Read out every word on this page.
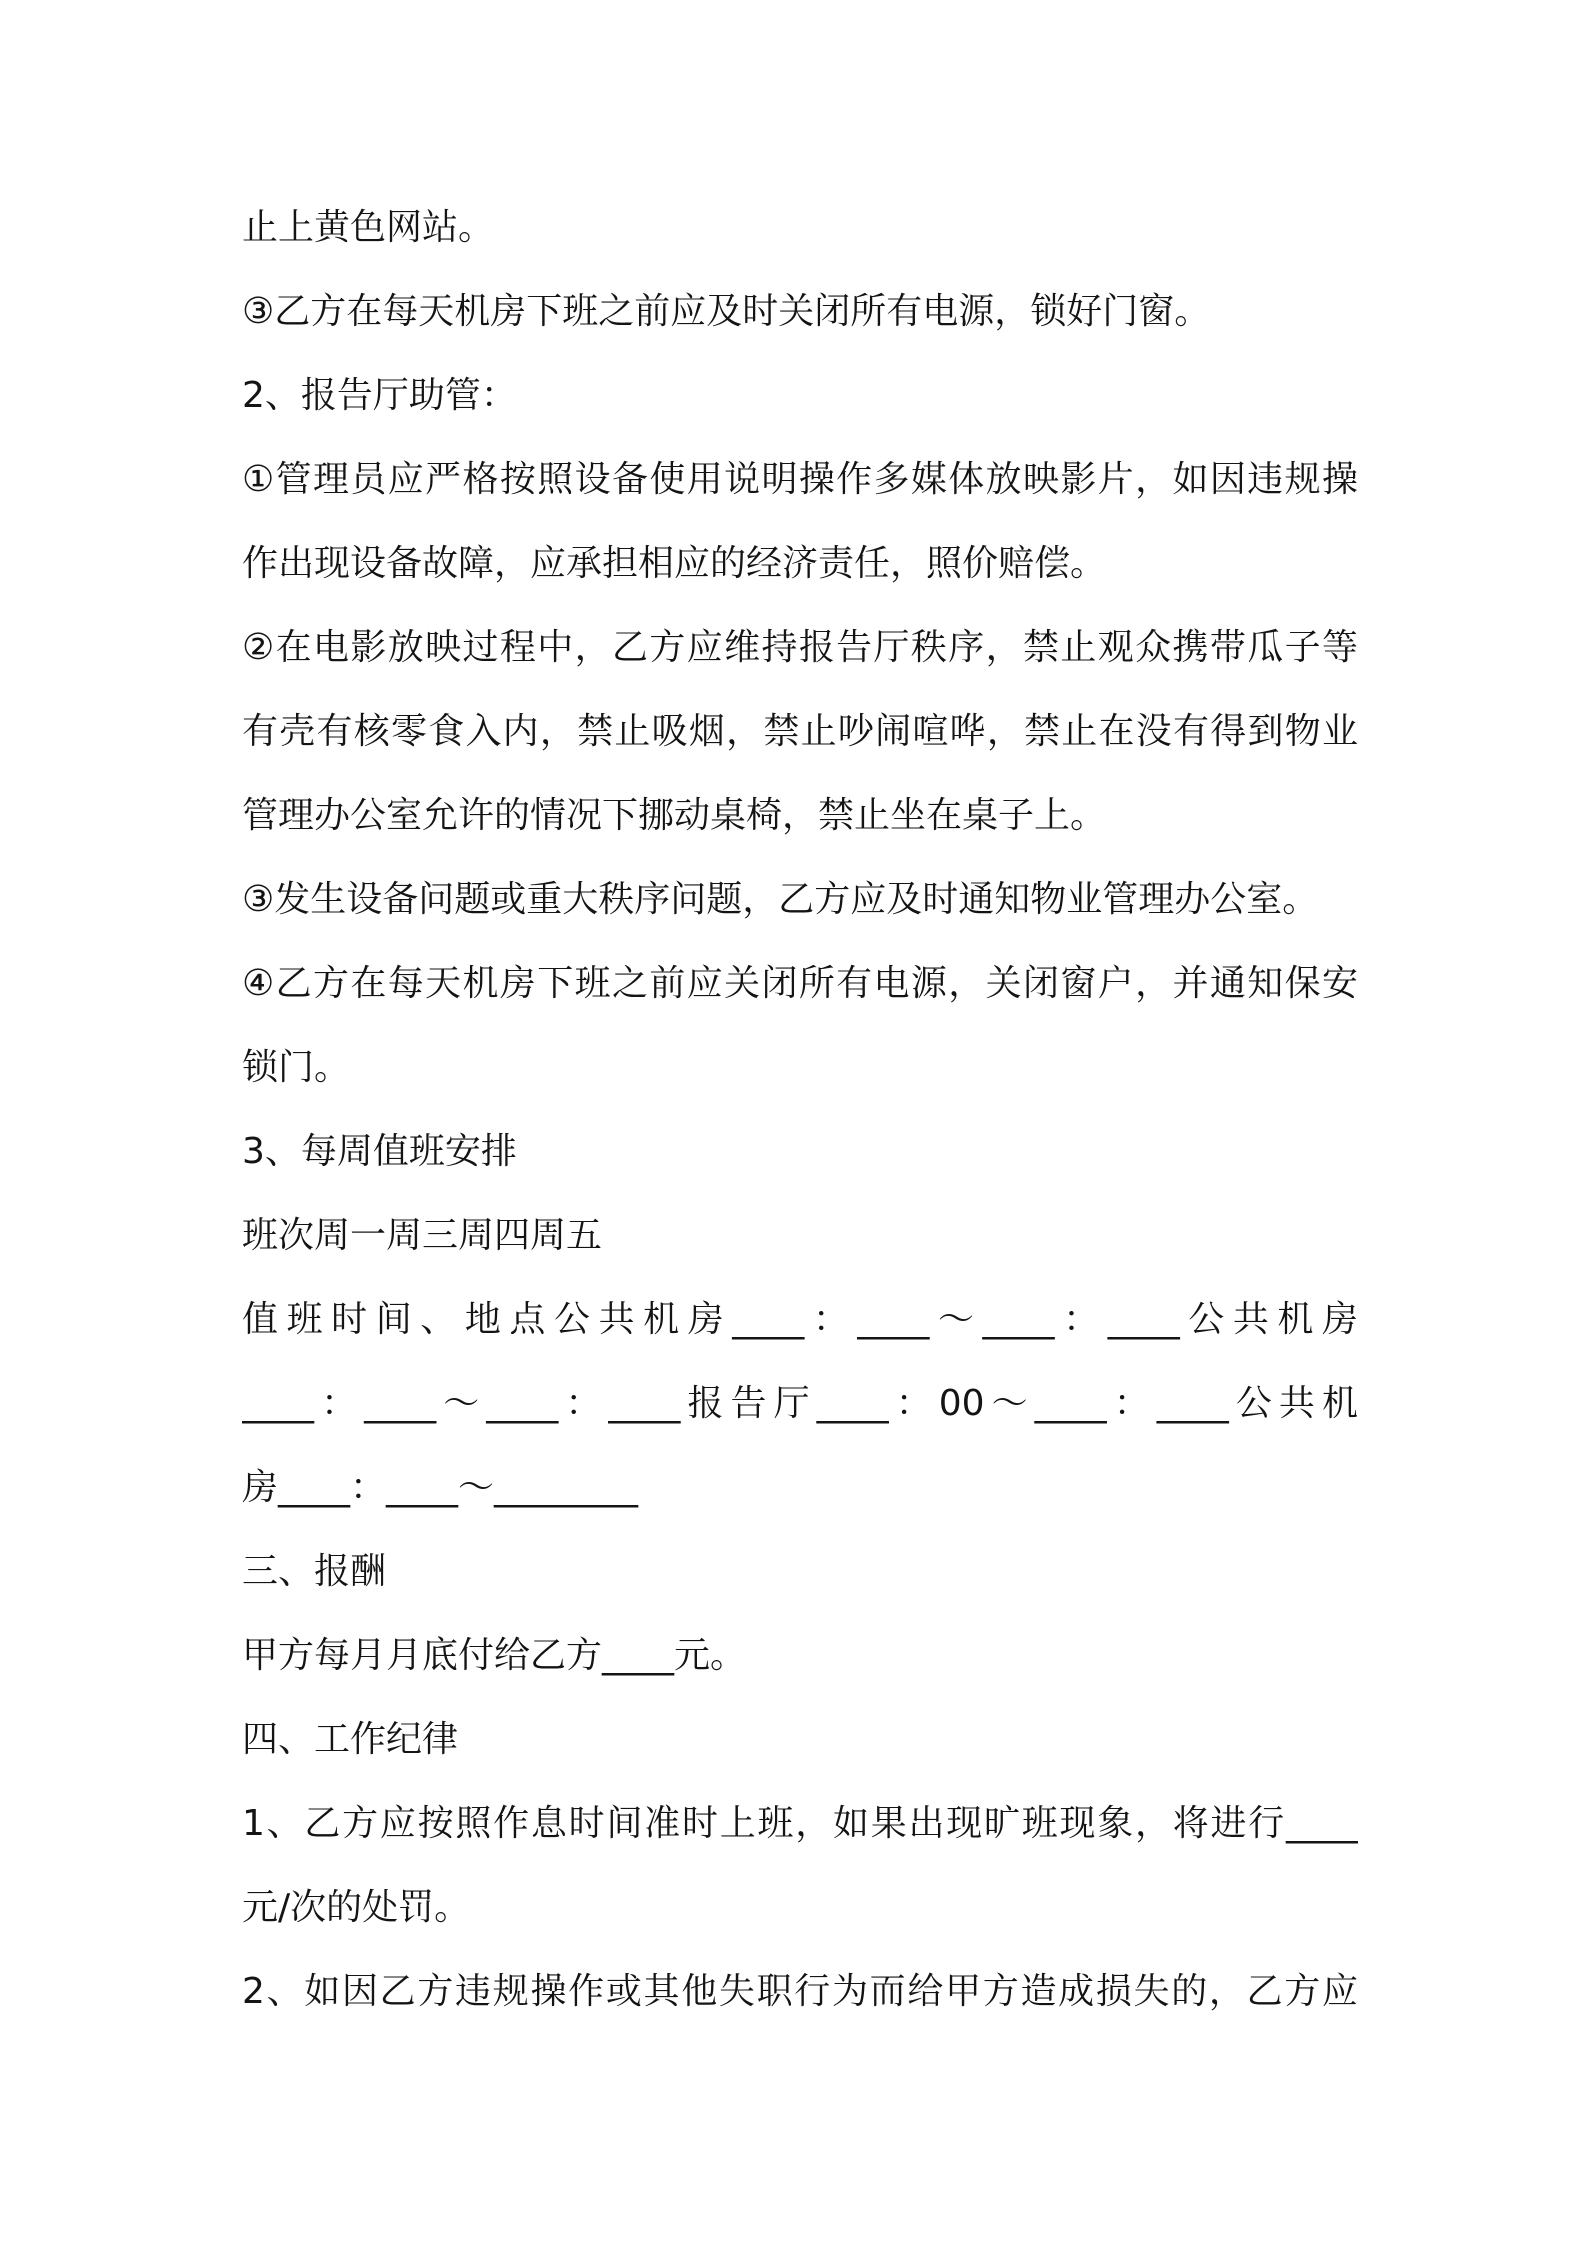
止上黄色网站。
③乙方在每天机房下班之前应及时关闭所有电源，锁好门窗。
2、报告厅助管：
①管理员应严格按照设备使用说明操作多媒体放映影片，如因违规操
作出现设备故障，应承担相应的经济责任，照价赔偿。
②在电影放映过程中，乙方应维持报告厅秩序，禁止观众携带瓜子等
有壳有核零食入内，禁止吸烟，禁止吵闹喧哗，禁止在没有得到物业
管理办公室允许的情况下挪动桌椅，禁止坐在桌子上。
③发生设备问题或重大秩序问题，乙方应及时通知物业管理办公室。
④乙方在每天机房下班之前应关闭所有电源，关闭窗户，并通知保安
锁门。
3、每周值班安排
班次周一周三周四周五
值班时间、地点公共机房____：____～____：____公共机房
____：____～____：____报告厅____：00～____：____公共机
房____：____～________
三、报酬
甲方每月月底付给乙方____元。
四、工作纪律
1、乙方应按照作息时间准时上班，如果出现旷班现象，将进行____
元/次的处罚。
2、如因乙方违规操作或其他失职行为而给甲方造成损失的，乙方应
